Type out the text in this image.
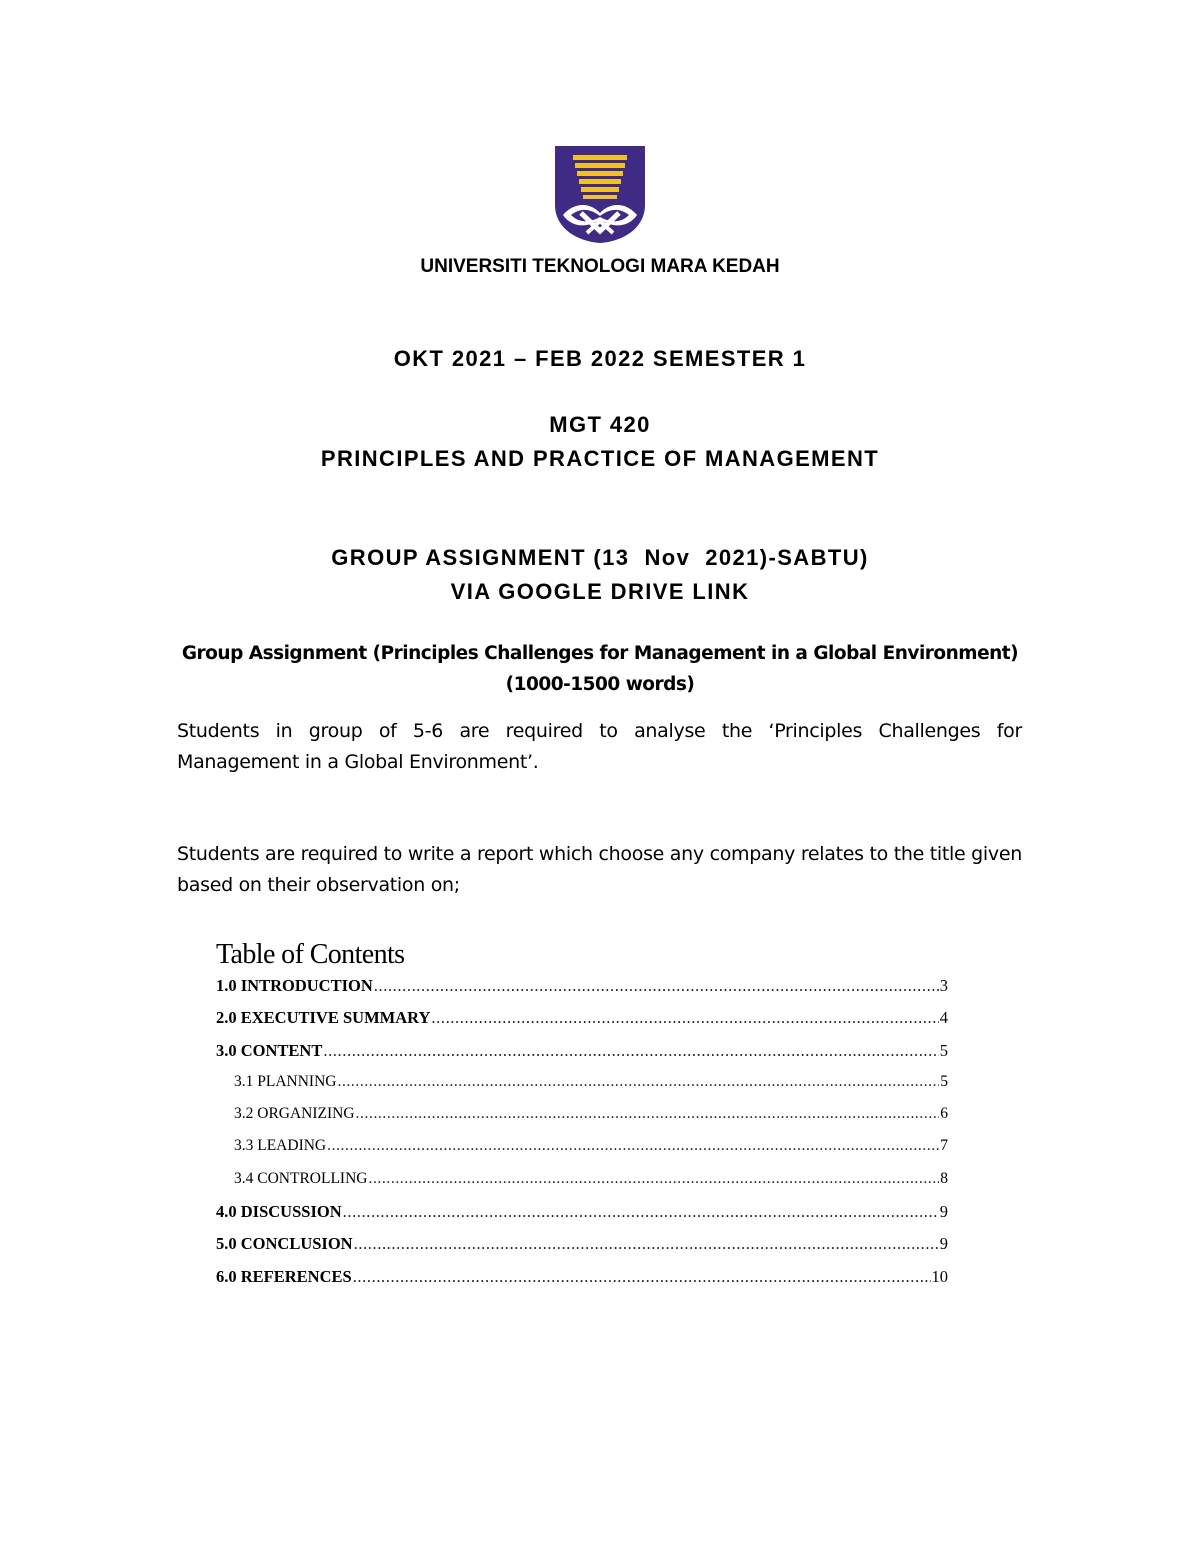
UNIVERSITI TEKNOLOGI MARA KEDAH
OKT 2021 – FEB 2022 SEMESTER 1
MGT 420
PRINCIPLES AND PRACTICE OF MANAGEMENT
GROUP ASSIGNMENT (13  Nov  2021)-SABTU)
VIA GOOGLE DRIVE LINK
Group Assignment (Principles Challenges for Management in a Global Environment)
(1000-1500 words)
Students in group of 5-6 are required to analyse the ‘Principles Challenges for Management in a Global Environment’.
Students are required to write a report which choose any company relates to the title given based on their observation on;
Table of Contents
1.0 INTRODUCTION .....	3
2.0 EXECUTIVE SUMMARY .....	4
3.0 CONTENT .....	5
3.1 PLANNING .....	5
3.2 ORGANIZING .....	6
3.3 LEADING .....	7
3.4 CONTROLLING .....	8
4.0 DISCUSSION .....	9
5.0 CONCLUSION .....	9
6.0 REFERENCES .....	10
